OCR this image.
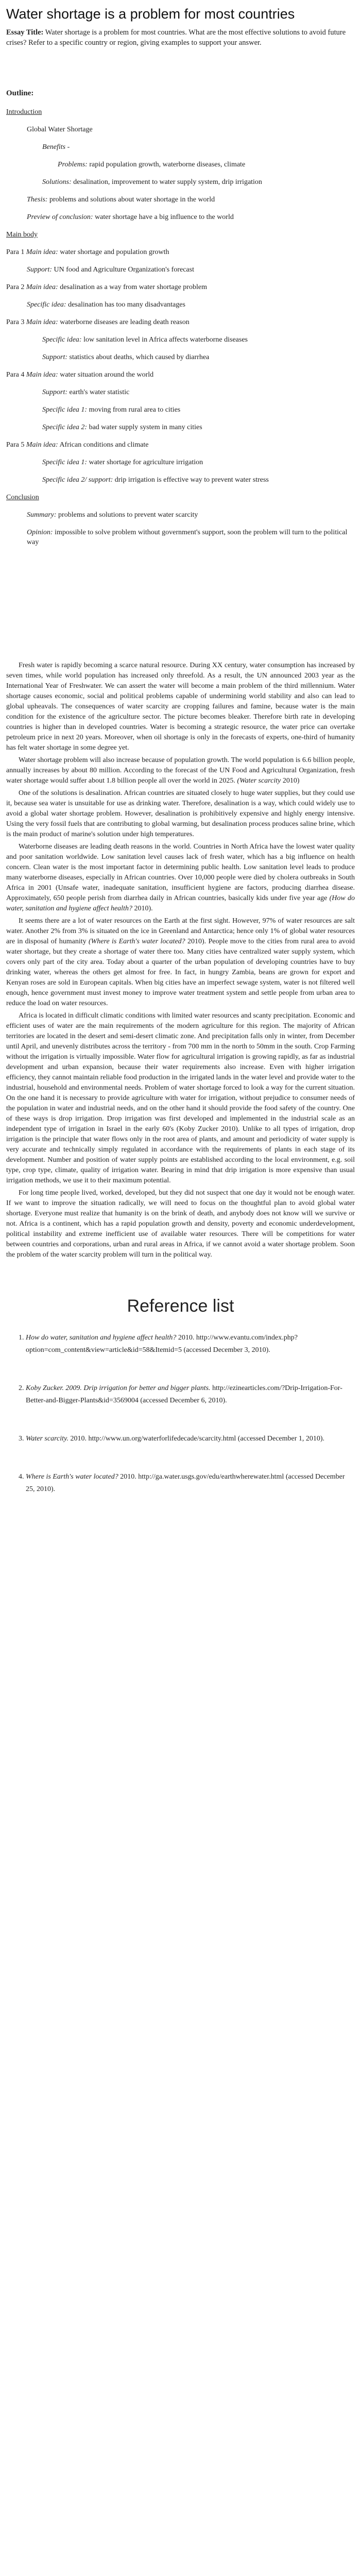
Water shortage is a problem for most countries

Essay Title: Water shortage is a problem for most countries. What are the most effective solutions to avoid future crises? Refer to a specific country or region, giving examples to support your answer.

Outline:
Introduction
Global Water Shortage
Benefits -
Problems: rapid population growth, waterborne diseases, climate
Solutions: desalination, improvement to water supply system, drip irrigation
Thesis: problems and solutions about water shortage in the world
Preview of conclusion: water shortage have a big influence to the world
Main body
Para 1 Main idea: water shortage and population growth
Support: UN food and Agriculture Organization's forecast
Para 2 Main idea: desalination as a way from water shortage problem
Specific idea: desalination has too many disadvantages
Para 3 Main idea: waterborne diseases are leading death reason
Specific idea: low sanitation level in Africa affects waterborne diseases
Support: statistics about deaths, which caused by diarrhea
Para 4 Main idea: water situation around the world
Support: earth's water statistic
Specific idea 1: moving from rural area to cities
Specific idea 2: bad water supply system in many cities
Para 5 Main idea: African conditions and climate
Specific idea 1: water shortage for agriculture irrigation
Specific idea 2/ support: drip irrigation is effective way to prevent water stress
Conclusion
Summary: problems and solutions to prevent water scarcity
Opinion: impossible to solve problem without government's support, soon the problem will turn to the political way

Fresh water is rapidly becoming a scarce natural resource. During XX century, water consumption has increased by seven times, while world population has increased only threefold. As a result, the UN announced 2003 year as the International Year of Freshwater. We can assert the water will become a main problem of the third millennium. Water shortage causes economic, social and political problems capable of undermining world stability and also can lead to global upheavals. The consequences of water scarcity are cropping failures and famine, because water is the main condition for the existence of the agriculture sector. The picture becomes bleaker. Therefore birth rate in developing countries is higher than in developed countries. Water is becoming a strategic resource, the water price can overtake petroleum price in next 20 years. Moreover, when oil shortage is only in the forecasts of experts, one-third of humanity has felt water shortage in some degree yet.

Water shortage problem will also increase because of population growth. The world population is 6.6 billion people, annually increases by about 80 million. According to the forecast of the UN Food and Agricultural Organization, fresh water shortage would suffer about 1.8 billion people all over the world in 2025. (Water scarcity 2010)

One of the solutions is desalination. African countries are situated closely to huge water supplies, but they could use it, because sea water is unsuitable for use as drinking water. Therefore, desalination is a way, which could widely use to avoid a global water shortage problem. However, desalination is prohibitively expensive and highly energy intensive. Using the very fossil fuels that are contributing to global warming, but desalination process produces saline brine, which is the main product of marine's solution under high temperatures.

Waterborne diseases are leading death reasons in the world. Countries in North Africa have the lowest water quality and poor sanitation worldwide. Low sanitation level causes lack of fresh water, which has a big influence on health concern. Clean water is the most important factor in determining public health. Low sanitation level leads to produce many waterborne diseases, especially in African countries. Over 10,000 people were died by cholera outbreaks in South Africa in 2001 (Unsafe water, inadequate sanitation, insufficient hygiene are factors, producing diarrhea disease. Approximately, 650 people perish from diarrhea daily in African countries, basically kids under five year age (How do water, sanitation and hygiene affect health? 2010).

It seems there are a lot of water resources on the Earth at the first sight. However, 97% of water resources are salt water. Another 2% from 3% is situated on the ice in Greenland and Antarctica; hence only 1% of global water resources are in disposal of humanity (Where is Earth's water located? 2010). People move to the cities from rural area to avoid water shortage, but they create a shortage of water there too. Many cities have centralized water supply system, which covers only part of the city area. Today about a quarter of the urban population of developing countries have to buy drinking water, whereas the others get almost for free. In fact, in hungry Zambia, beans are grown for export and Kenyan roses are sold in European capitals. When big cities have an imperfect sewage system, water is not filtered well enough, hence government must invest money to improve water treatment system and settle people from urban area to reduce the load on water resources.

Africa is located in difficult climatic conditions with limited water resources and scanty precipitation. Economic and efficient uses of water are the main requirements of the modern agriculture for this region. The majority of African territories are located in the desert and semi-desert climatic zone. And precipitation falls only in winter, from December until April, and unevenly distributes across the territory - from 700 mm in the north to 50mm in the south. Crop Farming without the irrigation is virtually impossible. Water flow for agricultural irrigation is growing rapidly, as far as industrial development and urban expansion, because their water requirements also increase. Even with higher irrigation efficiency, they cannot maintain reliable food production in the irrigated lands in the water level and provide water to the industrial, household and environmental needs. Problem of water shortage forced to look a way for the current situation. On the one hand it is necessary to provide agriculture with water for irrigation, without prejudice to consumer needs of the population in water and industrial needs, and on the other hand it should provide the food safety of the country. One of these ways is drop irrigation. Drop irrigation was first developed and implemented in the industrial scale as an independent type of irrigation in Israel in the early 60's (Koby Zucker 2010). Unlike to all types of irrigation, drop irrigation is the principle that water flows only in the root area of plants, and amount and periodicity of water supply is very accurate and technically simply regulated in accordance with the requirements of plants in each stage of its development. Number and position of water supply points are established according to the local environment, e.g. soil type, crop type, climate, quality of irrigation water. Bearing in mind that drip irrigation is more expensive than usual irrigation methods, we use it to their maximum potential.

For long time people lived, worked, developed, but they did not suspect that one day it would not be enough water. If we want to improve the situation radically, we will need to focus on the thoughtful plan to avoid global water shortage. Everyone must realize that humanity is on the brink of death, and anybody does not know will we survive or not. Africa is a continent, which has a rapid population growth and density, poverty and economic underdevelopment, political instability and extreme inefficient use of available water resources. There will be competitions for water between countries and corporations, urban and rural areas in Africa, if we cannot avoid a water shortage problem. Soon the problem of the water scarcity problem will turn in the political way.

Reference list
1. How do water, sanitation and hygiene affect health? 2010. http://www.evantu.com/index.php?option=com_content&view=article&id=58&Itemid=5 (accessed December 3, 2010).
2. Koby Zucker. 2009. Drip irrigation for better and bigger plants. http://ezinearticles.com/?Drip-Irrigation-For-Better-and-Bigger-Plants&id=3569004 (accessed December 6, 2010).
3. Water scarcity. 2010. http://www.un.org/waterforlifedecade/scarcity.html (accessed December 1, 2010).
4. Where is Earth's water located? 2010. http://ga.water.usgs.gov/edu/earthwherewater.html (accessed December 25, 2010).
